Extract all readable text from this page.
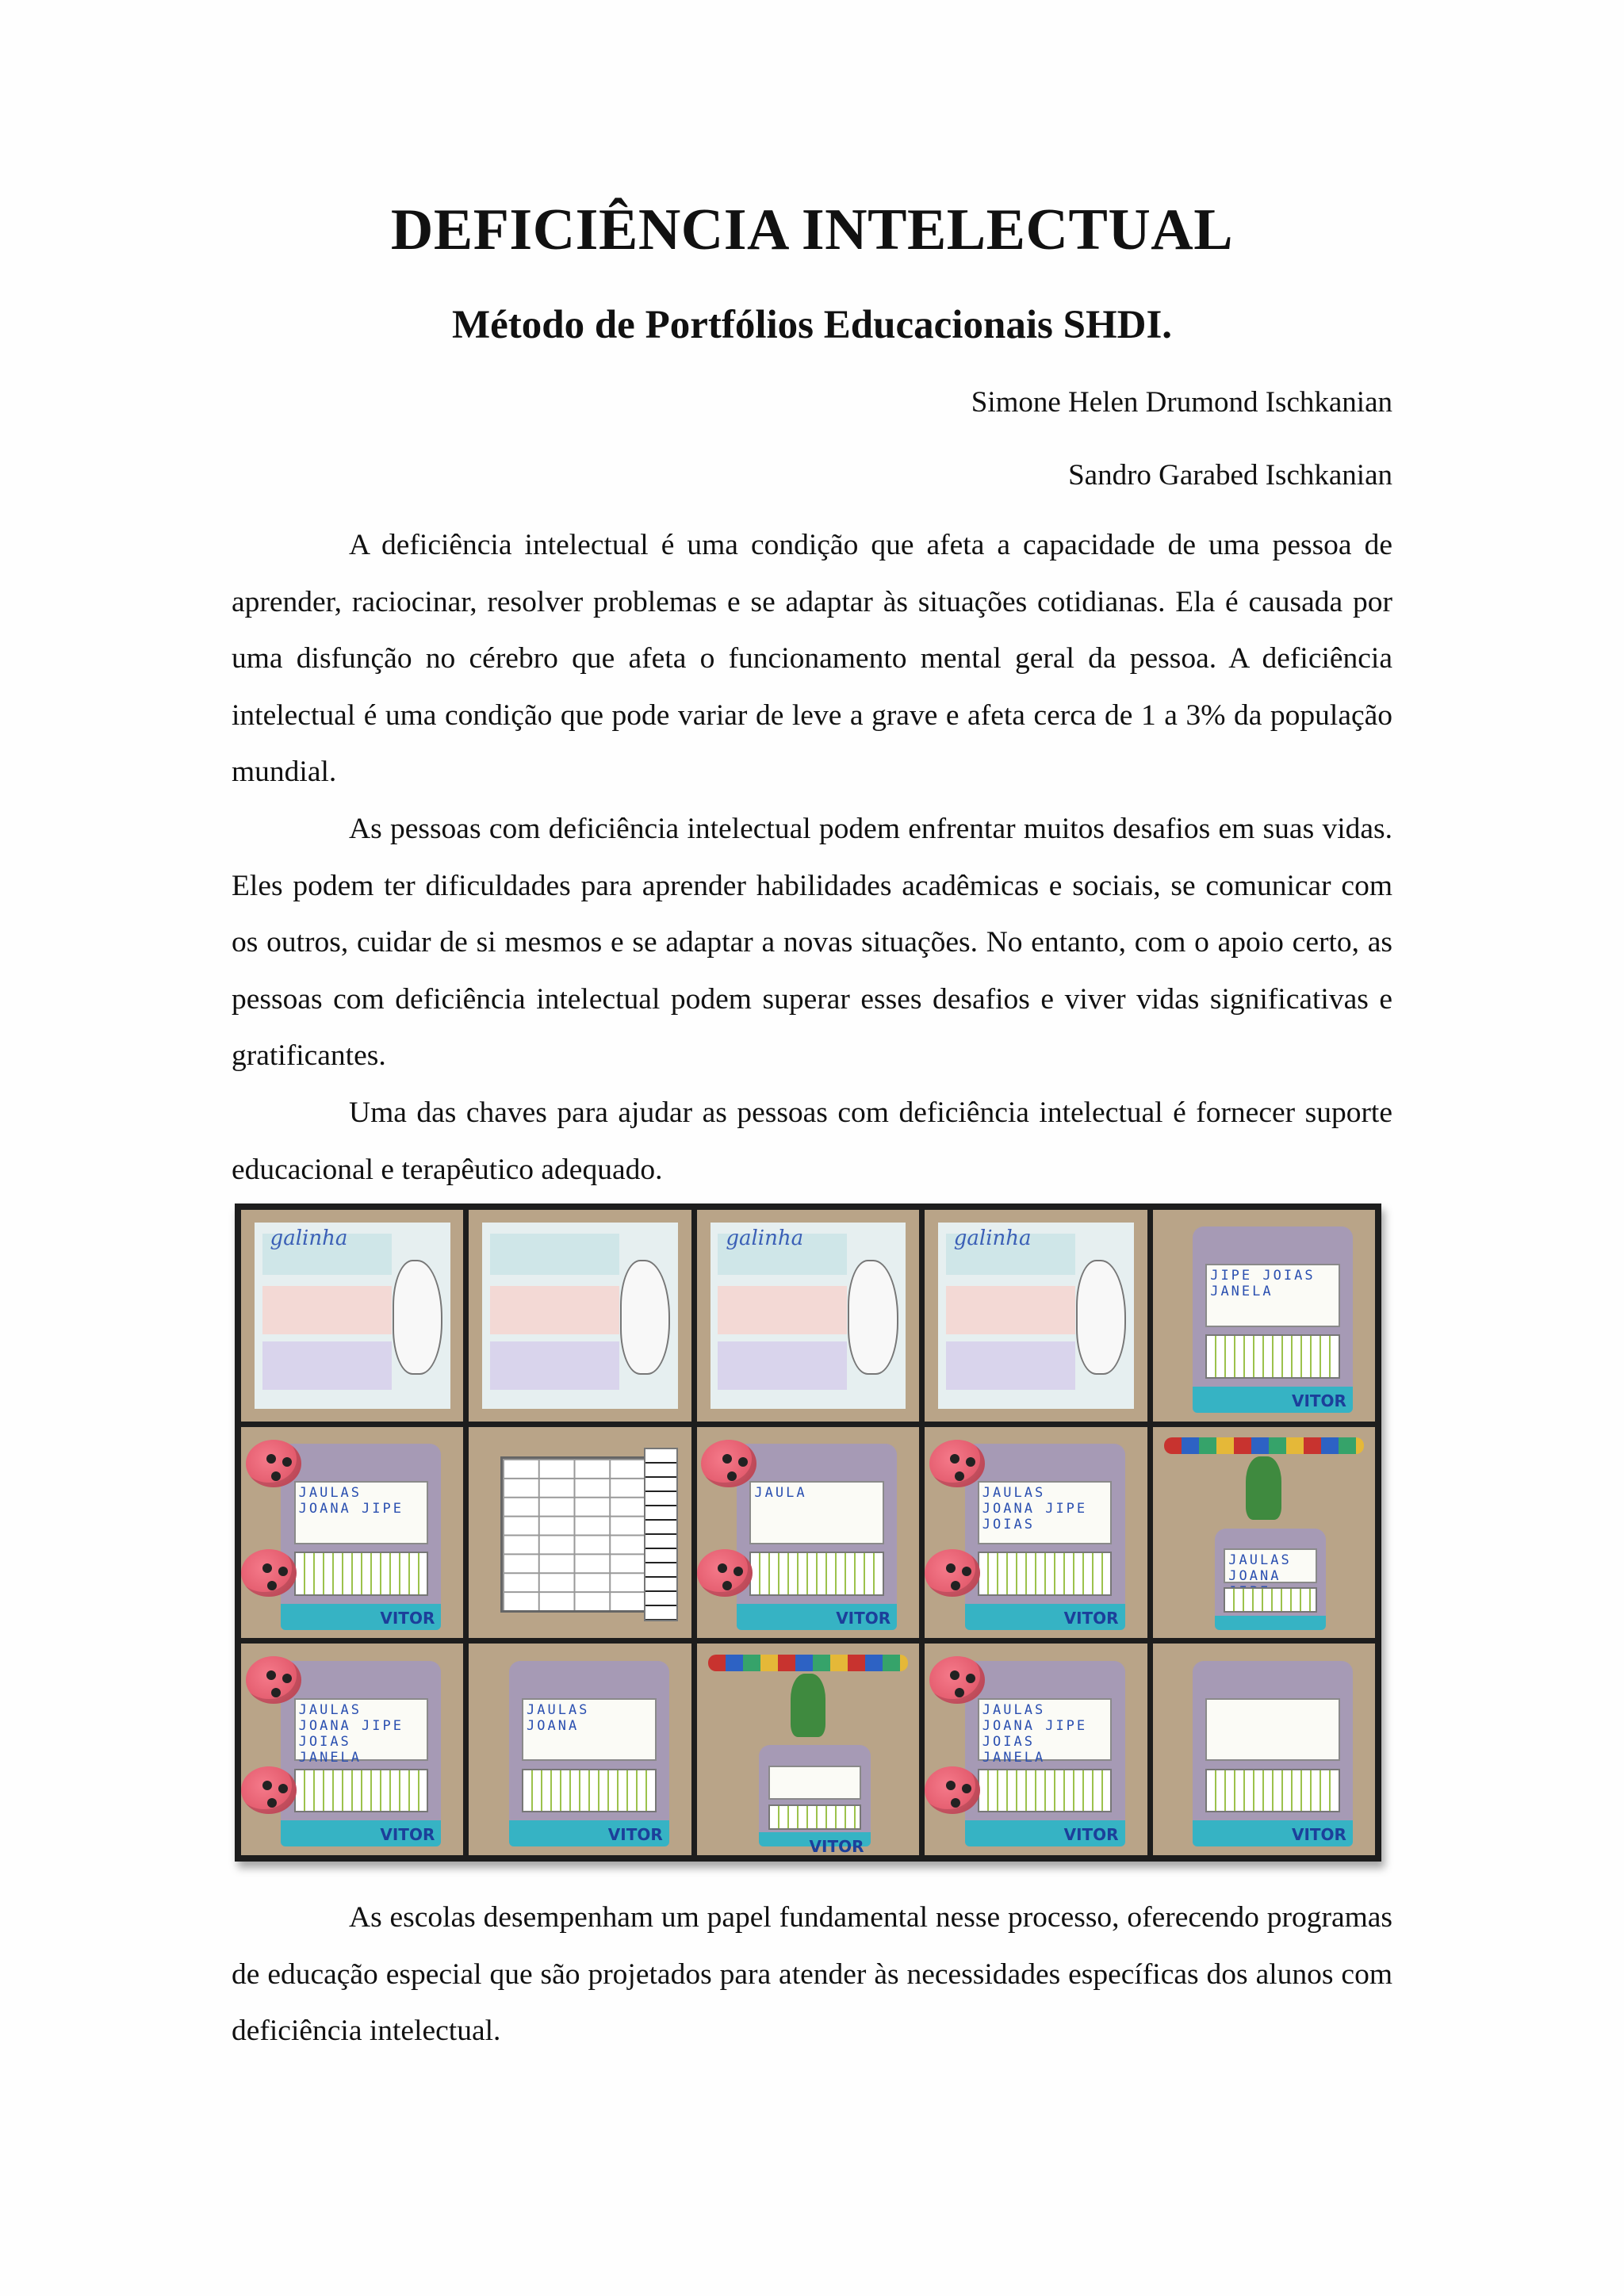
DEFICIÊNCIA INTELECTUAL
Método de Portfólios Educacionais SHDI.

Simone Helen Drumond Ischkanian

Sandro Garabed Ischkanian

A deficiência intelectual é uma condição que afeta a capacidade de uma pessoa de aprender, raciocinar, resolver problemas e se adaptar às situações cotidianas. Ela é causada por uma disfunção no cérebro que afeta o funcionamento mental geral da pessoa. A deficiência intelectual é uma condição que pode variar de leve a grave e afeta cerca de 1 a 3% da população mundial.

As pessoas com deficiência intelectual podem enfrentar muitos desafios em suas vidas. Eles podem ter dificuldades para aprender habilidades acadêmicas e sociais, se comunicar com os outros, cuidar de si mesmos e se adaptar a novas situações. No entanto, com o apoio certo, as pessoas com deficiência intelectual podem superar esses desafios e viver vidas significativas e gratificantes.

Uma das chaves para ajudar as pessoas com deficiência intelectual é fornecer suporte educacional e terapêutico adequado.

galinha	galinha	galinha
JIPE JOIAS JANELA
VITOR
JAULAS JOANA JIPE
VITOR
JAULA
VITOR
JAULAS JOANA JIPE JOIAS
VITOR
JAULAS JOANA
JAULAS JOANA JIPE JOIAS JANELA
VITOR
JAULAS JOANA
VITOR
VITOR
JAULAS JOANA JIPE JOIAS JANELA
VITOR	VITOR

As escolas desempenham um papel fundamental nesse processo, oferecendo programas de educação especial que são projetados para atender às necessidades específicas dos alunos com deficiência intelectual.
